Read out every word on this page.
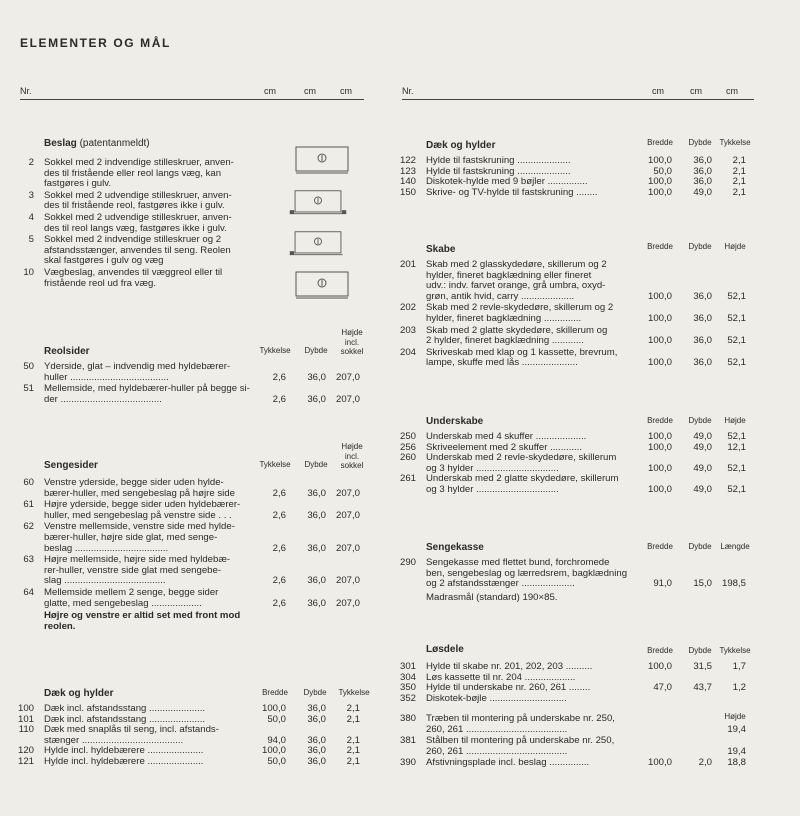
ELEMENTER OG MÅL
Nr.	cm	cm	cm	Nr.	cm	cm	cm
Beslag (patentanmeldt)
2 Sokkel med 2 indvendige stilleskruer, anven-
des til fristående eller reol langs væg, kan
fastgøres i gulv.
3 Sokkel med 2 udvendige stilleskruer, anven-
des til fristående reol, fastgøres ikke i gulv.
4 Sokkel med 2 udvendige stilleskruer, anven-
des til reol langs væg, fastgøres ikke i gulv.
5 Sokkel med 2 indvendige stilleskruer og 2
afstandsstænger, anvendes til seng. Reolen
skal fastgøres i gulv og væg
10 Vægbeslag, anvendes til væggreol eller til
fristående reol ud fra væg.
Reolsider	Tykkelse	Dybde
Højde
incl.
sokkel
50 Yderside, glat – indvendig med hyldebærer-
huller .....................................	2,6	36,0	207,0
51 Mellemside, med hyldebærer-huller på begge si-
der ......................................	2,6	36,0	207,0
Sengesider	Tykkelse	Dybde
Højde
incl.
sokkel
60 Venstre yderside, begge sider uden hylde-
bærer-huller, med sengebeslag på højre side	2,6	36,0	207,0
61 Højre yderside, begge sider uden hyldebærer-
huller, med sengebeslag på venstre side . . .	2,6	36,0	207,0
62 Venstre mellemside, venstre side med hylde-
bærer-huller, højre side glat, med senge-
beslag ...................................	2,6	36,0	207,0
63 Højre mellemside, højre side med hyldebæ-
rer-huller, venstre side glat med sengebe-
slag ......................................	2,6	36,0	207,0
64 Mellemside mellem 2 senge, begge sider
glatte, med sengebeslag ...................	2,6	36,0	207,0
Højre og venstre er altid set med front mod
reolen.
Dæk og hylder	Bredde	Dybde	Tykkelse
100 Dæk incl. afstandsstang .....................	100,0	36,0	2,1
101 Dæk incl. afstandsstang .....................	50,0	36,0	2,1
110 Dæk med snaplås til seng, incl. afstands-
stænger ......................................	94,0	36,0	2,1
120 Hylde incl. hyldebærere .....................	100,0	36,0	2,1
121 Hylde incl. hyldebærere .....................	50,0	36,0	2,1
Dæk og hylder	Bredde	Dybde Tykkelse
122 Hylde til fastskruning ....................	100,0	36,0	2,1
123 Hylde til fastskruning ....................	50,0	36,0	2,1
140 Diskotek-hylde med 9 bøjler ...............	100,0	36,0	2,1
150 Skrive- og TV-hylde til fastskruning ........	100,0	49,0	2,1
Skabe	Bredde	Dybde	Højde
201 Skab med 2 glasskydedøre, skillerum og 2
hylder, fineret bagklædning eller fineret
udv.: indv. farvet orange, grå umbra, oxyd-
grøn, antik hvid, carry ....................	100,0	36,0	52,1
202 Skab med 2 revle-skydedøre, skillerum og 2
hylder, fineret bagklædning ..............	100,0	36,0	52,1
203 Skab med 2 glatte skydedøre, skillerum og
2 hylder, fineret bagklædning ............	100,0	36,0	52,1
204 Skriveskab med klap og 1 kassette, brevrum,
lampe, skuffe med lås .....................	100,0	36,0	52,1
Underskabe	Bredde	Dybde	Højde
250 Underskab med 4 skuffer ...................	100,0	49,0	52,1
256 Skriveelement med 2 skuffer ............	100,0	49,0	12,1
260 Underskab med 2 revle-skydedøre, skillerum
og 3 hylder ...............................	100,0	49,0	52,1
261 Underskab med 2 glatte skydedøre, skillerum
og 3 hylder ...............................	100,0	49,0	52,1
Sengekasse	Bredde	Dybde	Længde
290 Sengekasse med flettet bund, forchromede
ben, sengebeslag og lærredsrem, bagklædning
og 2 afstandsstænger ....................	91,0	15,0	198,5
Madrasmål (standard) 190×85.
Løsdele	Bredde	Dybde Tykkelse
301 Hylde til skabe nr. 201, 202, 203 ..........	100,0	31,5	1,7
304 Løs kassette til nr. 204 ...................
350 Hylde til underskabe nr. 260, 261 ........	47,0	43,7	1,2
352 Diskotek-bøjle .............................
Højde
380 Træben til montering på underskabe nr. 250,
260, 261 ......................................	19,4
381 Stålben til montering på underskabe nr. 250,
260, 261 ......................................	19,4
390 Afstivningsplade incl. beslag ...............	100,0	2,0	18,8
